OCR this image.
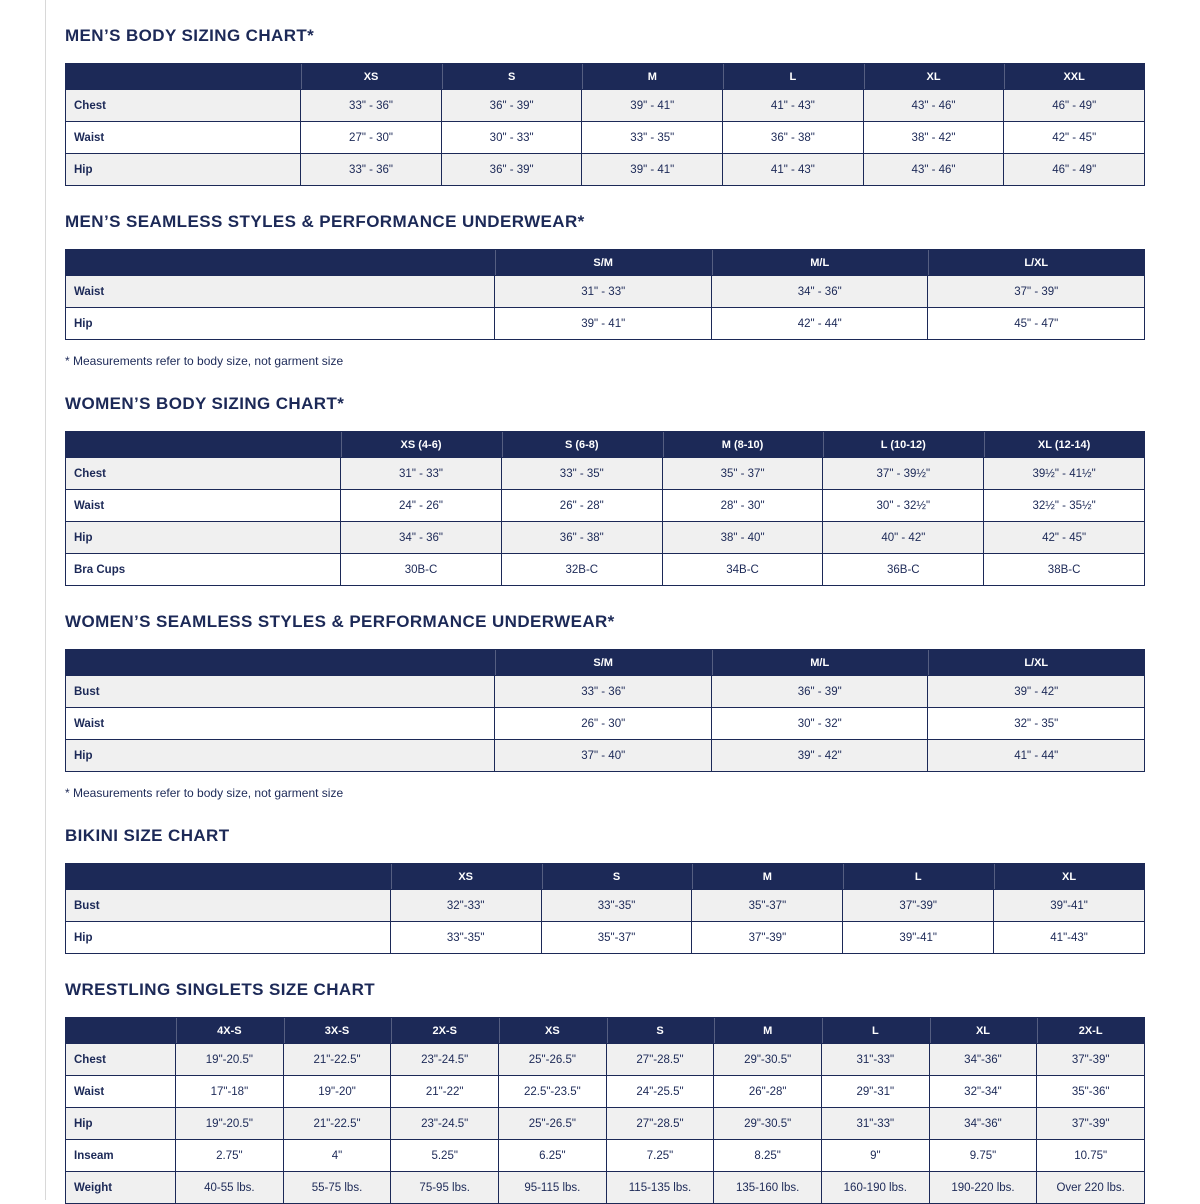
MEN’S BODY SIZING CHART*
	XS	S	M	L	XL	XXL
Chest	33" - 36"	36" - 39"	39" - 41"	41" - 43"	43" - 46"	46" - 49"
Waist	27" - 30"	30" - 33"	33" - 35"	36" - 38"	38" - 42"	42" - 45"
Hip	33" - 36"	36" - 39"	39" - 41"	41" - 43"	43" - 46"	46" - 49"
MEN’S SEAMLESS STYLES & PERFORMANCE UNDERWEAR*
	S/M	M/L	L/XL
Waist	31" - 33"	34" - 36"	37" - 39"
Hip	39" - 41"	42" - 44"	45" - 47"

* Measurements refer to body size, not garment size

WOMEN’S BODY SIZING CHART*
	XS (4-6)	S (6-8)	M (8-10)	L (10-12)	XL (12-14)
Chest	31" - 33"	33" - 35"	35" - 37"	37" - 39½"	39½" - 41½"
Waist	24" - 26"	26" - 28"	28" - 30"	30" - 32½"	32½" - 35½"
Hip	34" - 36"	36" - 38"	38" - 40"	40" - 42"	42" - 45"
Bra Cups	30B-C	32B-C	34B-C	36B-C	38B-C
WOMEN’S SEAMLESS STYLES & PERFORMANCE UNDERWEAR*
	S/M	M/L	L/XL
Bust	33" - 36"	36" - 39"	39" - 42"
Waist	26" - 30"	30" - 32"	32" - 35"
Hip	37" - 40"	39" - 42"	41" - 44"

* Measurements refer to body size, not garment size

BIKINI SIZE CHART
	XS	S	M	L	XL
Bust	32"-33"	33"-35"	35"-37"	37"-39"	39"-41"
Hip	33"-35"	35"-37"	37"-39"	39"-41"	41"-43"
WRESTLING SINGLETS SIZE CHART
	4X-S	3X-S	2X-S	XS	S	M	L	XL	2X-L
Chest	19"-20.5"	21"-22.5"	23"-24.5"	25"-26.5"	27"-28.5"	29"-30.5"	31"-33"	34"-36"	37"-39"
Waist	17"-18"	19"-20"	21"-22"	22.5"-23.5"	24"-25.5"	26"-28"	29"-31"	32"-34"	35"-36"
Hip	19"-20.5"	21"-22.5"	23"-24.5"	25"-26.5"	27"-28.5"	29"-30.5"	31"-33"	34"-36"	37"-39"
Inseam	2.75"	4"	5.25"	6.25"	7.25"	8.25"	9"	9.75"	10.75"
Weight	40-55 lbs.	55-75 lbs.	75-95 lbs.	95-115 lbs.	115-135 lbs.	135-160 lbs.	160-190 lbs.	190-220 lbs.	Over 220 lbs.
